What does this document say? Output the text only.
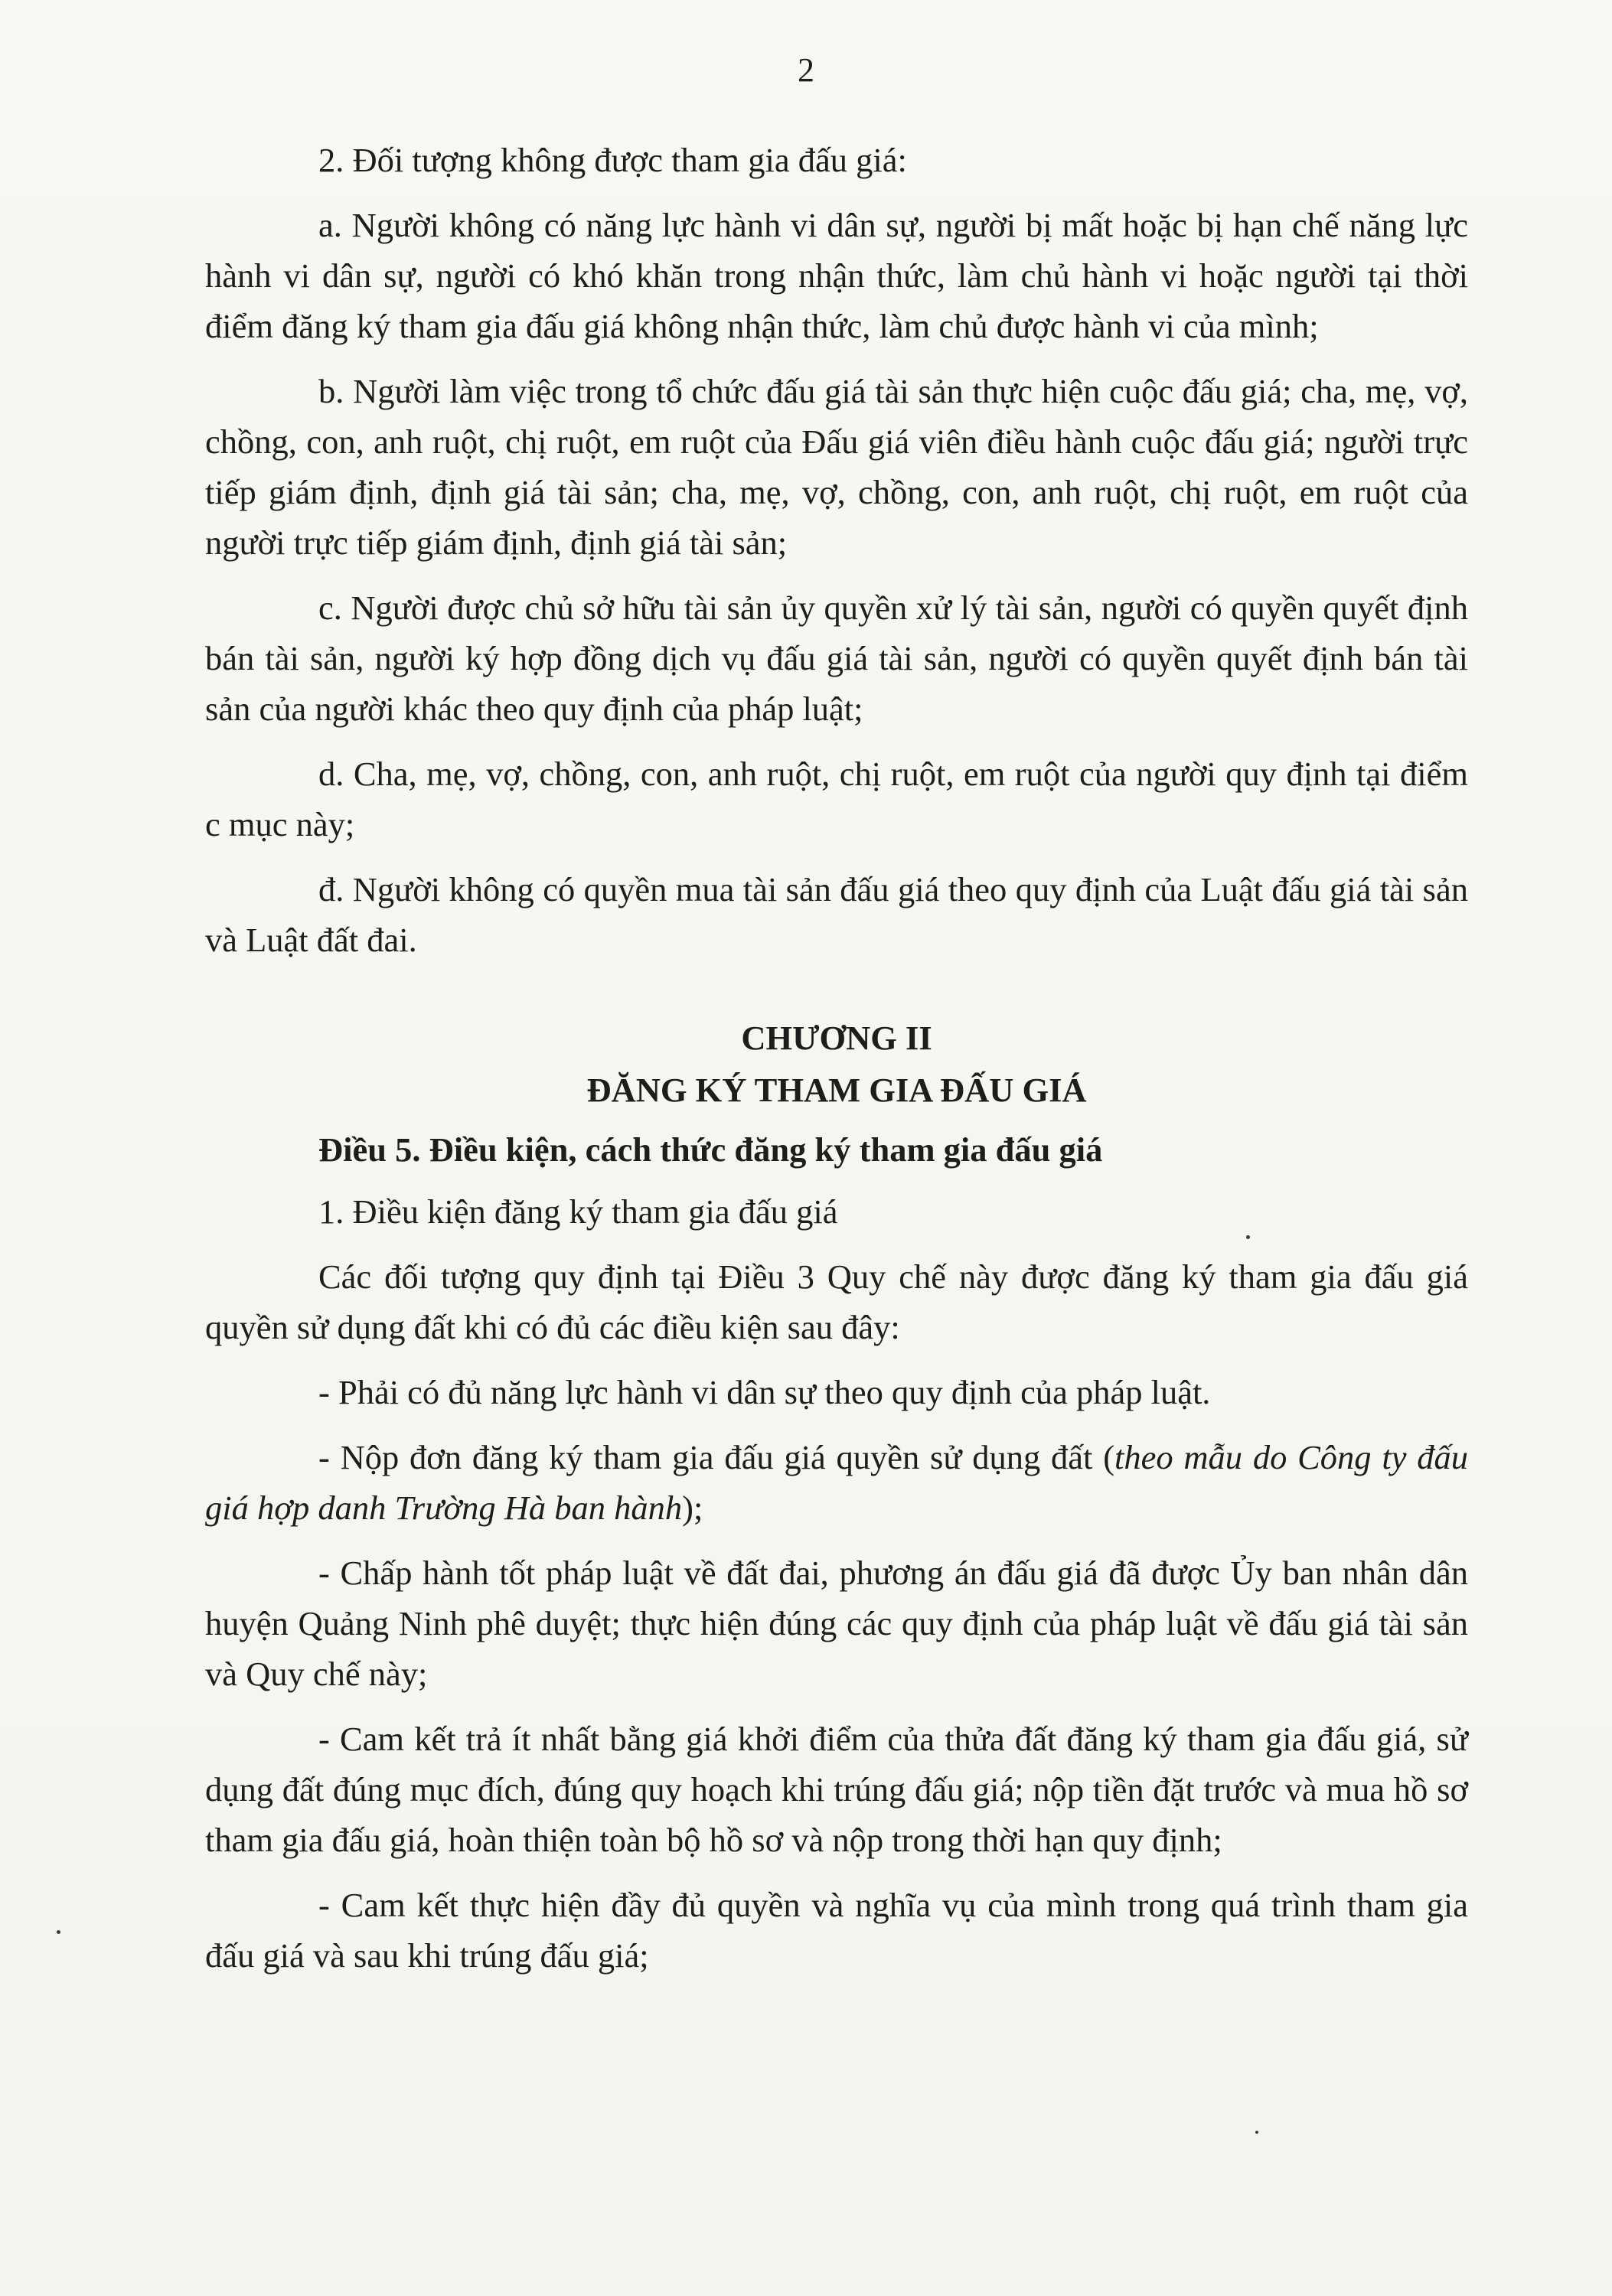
2

2. Đối tượng không được tham gia đấu giá:

a. Người không có năng lực hành vi dân sự, người bị mất hoặc bị hạn chế năng lực hành vi dân sự, người có khó khăn trong nhận thức, làm chủ hành vi hoặc người tại thời điểm đăng ký tham gia đấu giá không nhận thức, làm chủ được hành vi của mình;

b. Người làm việc trong tổ chức đấu giá tài sản thực hiện cuộc đấu giá; cha, mẹ, vợ, chồng, con, anh ruột, chị ruột, em ruột của Đấu giá viên điều hành cuộc đấu giá; người trực tiếp giám định, định giá tài sản; cha, mẹ, vợ, chồng, con, anh ruột, chị ruột, em ruột của người trực tiếp giám định, định giá tài sản;

c. Người được chủ sở hữu tài sản ủy quyền xử lý tài sản, người có quyền quyết định bán tài sản, người ký hợp đồng dịch vụ đấu giá tài sản, người có quyền quyết định bán tài sản của người khác theo quy định của pháp luật;

d. Cha, mẹ, vợ, chồng, con, anh ruột, chị ruột, em ruột của người quy định tại điểm c mục này;

đ. Người không có quyền mua tài sản đấu giá theo quy định của Luật đấu giá tài sản và Luật đất đai.

CHƯƠNG II

ĐĂNG KÝ THAM GIA ĐẤU GIÁ

Điều 5. Điều kiện, cách thức đăng ký tham gia đấu giá

1. Điều kiện đăng ký tham gia đấu giá

Các đối tượng quy định tại Điều 3 Quy chế này được đăng ký tham gia đấu giá quyền sử dụng đất khi có đủ các điều kiện sau đây:

- Phải có đủ năng lực hành vi dân sự theo quy định của pháp luật.

- Nộp đơn đăng ký tham gia đấu giá quyền sử dụng đất (theo mẫu do Công ty đấu giá hợp danh Trường Hà ban hành);

- Chấp hành tốt pháp luật về đất đai, phương án đấu giá đã được Ủy ban nhân dân huyện Quảng Ninh phê duyệt; thực hiện đúng các quy định của pháp luật về đấu giá tài sản và Quy chế này;

- Cam kết trả ít nhất bằng giá khởi điểm của thửa đất đăng ký tham gia đấu giá, sử dụng đất đúng mục đích, đúng quy hoạch khi trúng đấu giá; nộp tiền đặt trước và mua hồ sơ tham gia đấu giá, hoàn thiện toàn bộ hồ sơ và nộp trong thời hạn quy định;

- Cam kết thực hiện đầy đủ quyền và nghĩa vụ của mình trong quá trình tham gia đấu giá và sau khi trúng đấu giá;
